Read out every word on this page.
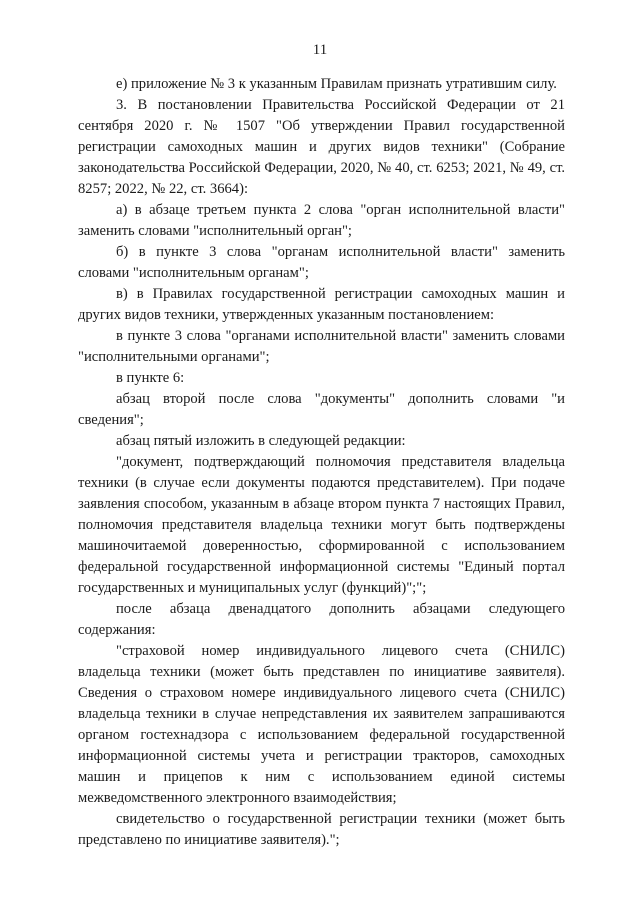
11

е) приложение № 3 к указанным Правилам признать утратившим силу.

3. В постановлении Правительства Российской Федерации от 21 сентября 2020 г. № 1507 "Об утверждении Правил государственной регистрации самоходных машин и других видов техники" (Собрание законодательства Российской Федерации, 2020, № 40, ст. 6253; 2021, № 49, ст. 8257; 2022, № 22, ст. 3664):

а) в абзаце третьем пункта 2 слова "орган исполнительной власти" заменить словами "исполнительный орган";

б) в пункте 3 слова "органам исполнительной власти" заменить словами "исполнительным органам";

в) в Правилах государственной регистрации самоходных машин и других видов техники, утвержденных указанным постановлением:

в пункте 3 слова "органами исполнительной власти" заменить словами "исполнительными органами";

в пункте 6:

абзац второй после слова "документы" дополнить словами "и сведения";

абзац пятый изложить в следующей редакции:

"документ, подтверждающий полномочия представителя владельца техники (в случае если документы подаются представителем). При подаче заявления способом, указанным в абзаце втором пункта 7 настоящих Правил, полномочия представителя владельца техники могут быть подтверждены машиночитаемой доверенностью, сформированной с использованием федеральной государственной информационной системы "Единый портал государственных и муниципальных услуг (функций)";";

после абзаца двенадцатого дополнить абзацами следующего содержания:

"страховой номер индивидуального лицевого счета (СНИЛС) владельца техники (может быть представлен по инициативе заявителя). Сведения о страховом номере индивидуального лицевого счета (СНИЛС) владельца техники в случае непредставления их заявителем запрашиваются органом гостехнадзора с использованием федеральной государственной информационной системы учета и регистрации тракторов, самоходных машин и прицепов к ним с использованием единой системы межведомственного электронного взаимодействия;

свидетельство о государственной регистрации техники (может быть представлено по инициативе заявителя).";
